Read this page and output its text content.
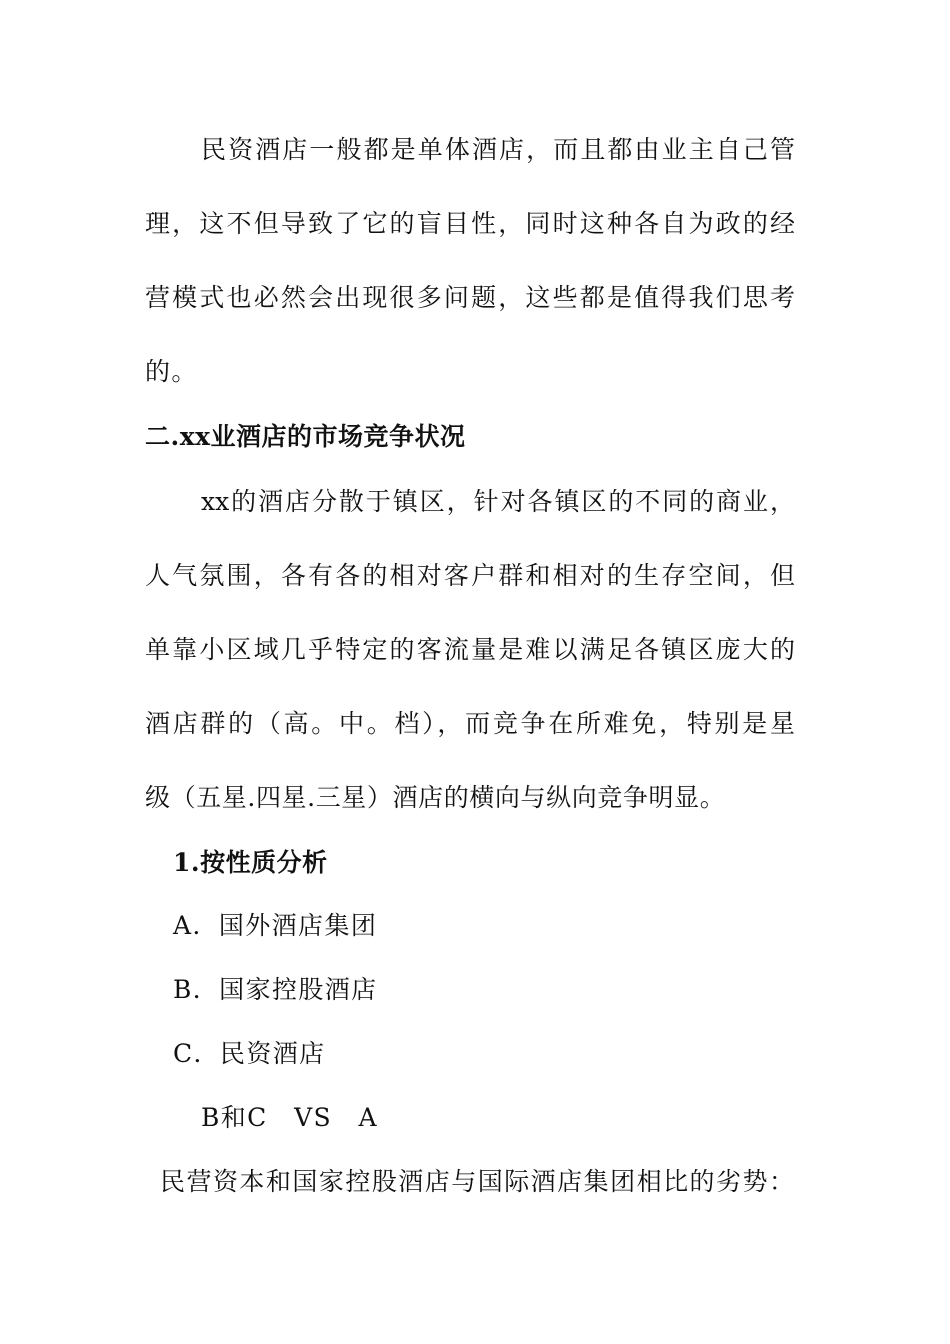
民资酒店一般都是单体酒店，而且都由业主自己管
理，这不但导致了它的盲目性，同时这种各自为政的经
营模式也必然会出现很多问题，这些都是值得我们思考
的。
二.xx业酒店的市场竞争状况
xx的酒店分散于镇区，针对各镇区的不同的商业，
人气氛围，各有各的相对客户群和相对的生存空间，但
单靠小区域几乎特定的客流量是难以满足各镇区庞大的
酒店群的（高。中。档），而竞争在所难免，特别是星
级（五星.四星.三星）酒店的横向与纵向竞争明显。
1.按性质分析
A．国外酒店集团
B．国家控股酒店
C．民资酒店
B和C　VS　A
民营资本和国家控股酒店与国际酒店集团相比的劣势：
